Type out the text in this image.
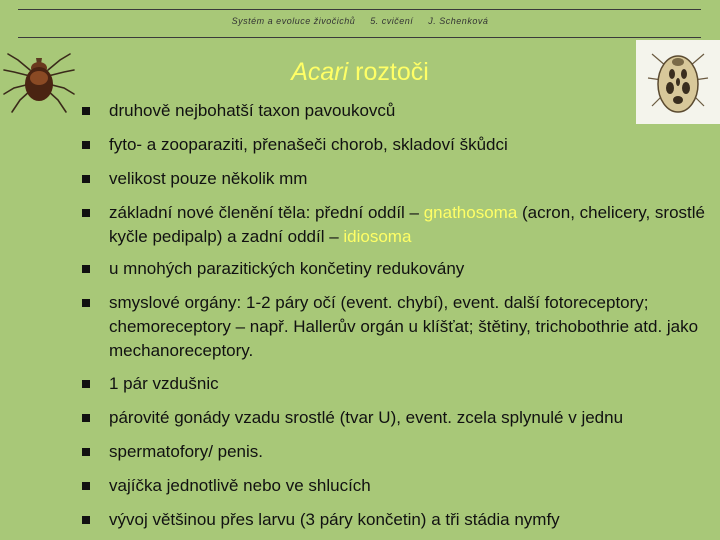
Systém a evoluce živočichů 5. cvičení J. Schenková
Acari roztoči
druhově nejbohatší taxon pavoukovců
fyto- a zooparaziti, přenašeči chorob, skladoví škůdci
velikost pouze několik mm
základní nové členění těla: přední oddíl – gnathosoma (acron, chelicery, srostlé kyčle pedipalp) a zadní oddíl – idiosoma
u mnohých parazitických končetiny redukovány
smyslové orgány: 1-2 páry očí (event. chybí), event. další fotoreceptory; chemoreceptory – např. Hallerův orgán u klíšťat; štětiny, trichobothrie atd. jako mechanoreceptory.
1 pár vzdušnic
párovité gonády vzadu srostlé (tvar U), event. zcela splynulé v jednu
spermatofory/ penis.
vajíčka jednotlivě nebo ve shlucích
vývoj většinou přes larvu (3 páry končetin) a tři stádia nymfy
